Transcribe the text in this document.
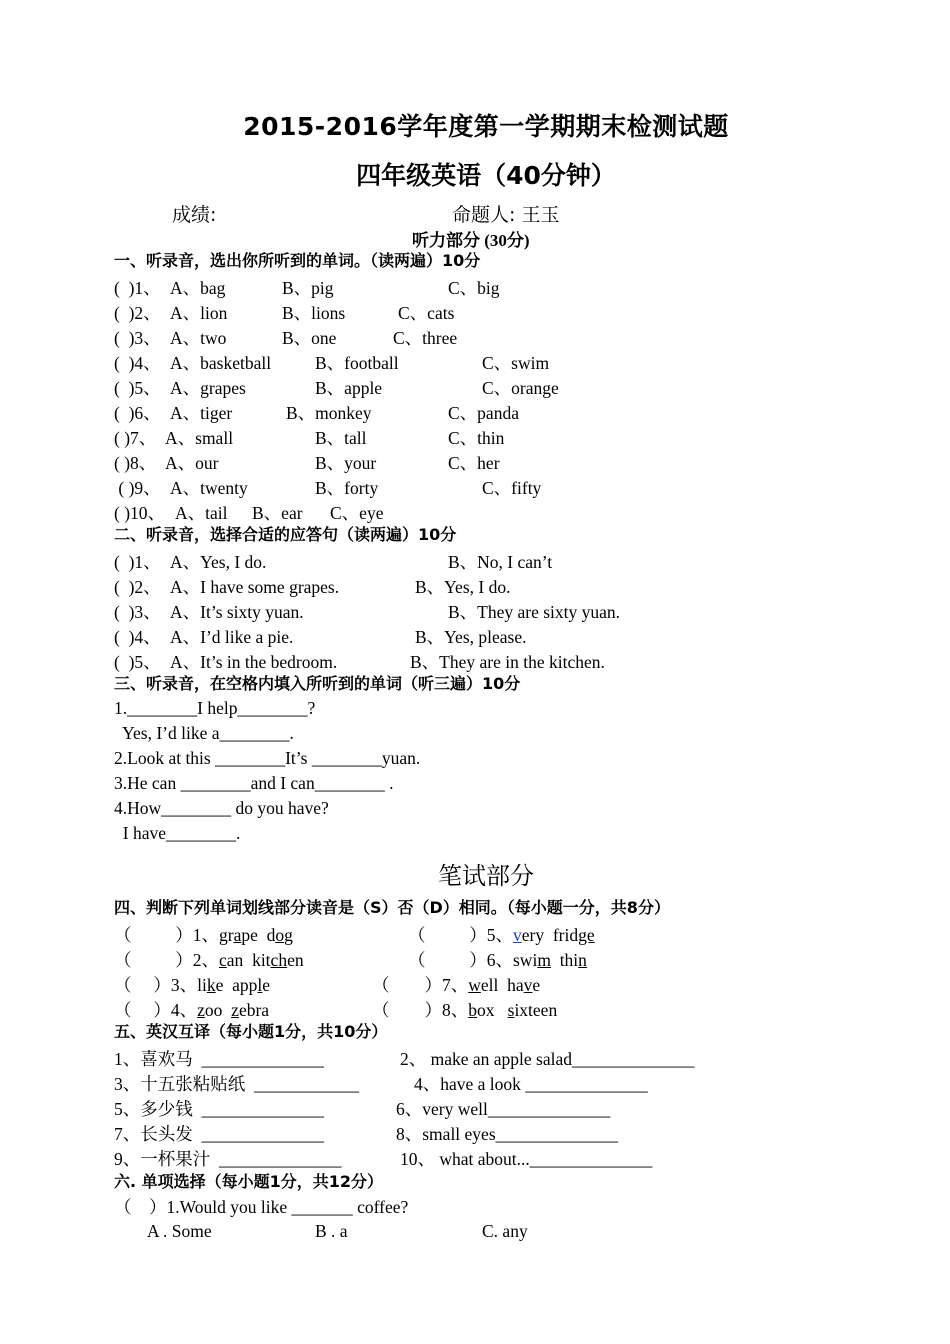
2015-2016学年度第一学期期末检测试题
四年级英语（40分钟）
成绩:	命题人: 王玉
听力部分 (30分)
一、听录音，选出你所听到的单词。（读两遍）10分
(  )1、 A、bag	B、pig	C、big
(  )2、 A、lion	B、lions	C、cats
(  )3、 A、two	B、one	C、three
(  )4、 A、basketball	B、football	C、swim
(  )5、 A、grapes	B、apple	C、orange
(  )6、 A、tiger	B、monkey	C、panda
( )7、 A、small	B、tall	C、thin
( )8、 A、our	B、your	C、her
( )9、 A、twenty	B、forty	C、fifty
( )10、 A、tail B、ear C、eye
二、听录音，选择合适的应答句（读两遍）10分
(  )1、 A、Yes, I do.	B、No, I can’t
(  )2、 A、I have some grapes.	B、Yes, I do.
(  )3、 A、It’s sixty yuan.	B、They are sixty yuan.
(  )4、 A、I’d like a pie.	B、Yes, please.
(  )5、 A、It’s in the bedroom.	B、They are in the kitchen.
三、听录音，在空格内填入所听到的单词（听三遍）10分
1.________I help________?
Yes, I’d like a________.
2.Look at this ________It’s ________yuan.
3.He can ________and I can________ .
4.How________ do you have?
I have________.
笔试部分
四、判断下列单词划线部分读音是（S）否（D）相同。（每小题一分，共8分）
（          ）1、grape dog
（          ）2、can kitchen
（     ）3、like apple
（     ）4、zoo zebra
（          ）5、very fridge
（          ）6、swim thin
（        ）7、well have
（        ）8、box sixteen
五、英汉互译（每小题1分，共10分）
1、喜欢马  ______________	2、 make an apple salad______________
3、十五张粘贴纸  ____________	4、have a look ______________
5、多少钱  ______________	6、very well______________
7、长头发  ______________	8、small eyes______________
9、一杯果汁  ______________	10、 what about...______________
六. 单项选择（每小题1分，共12分）
（    ）1.Would you like _______ coffee?
A . Some	B . a	C. any
